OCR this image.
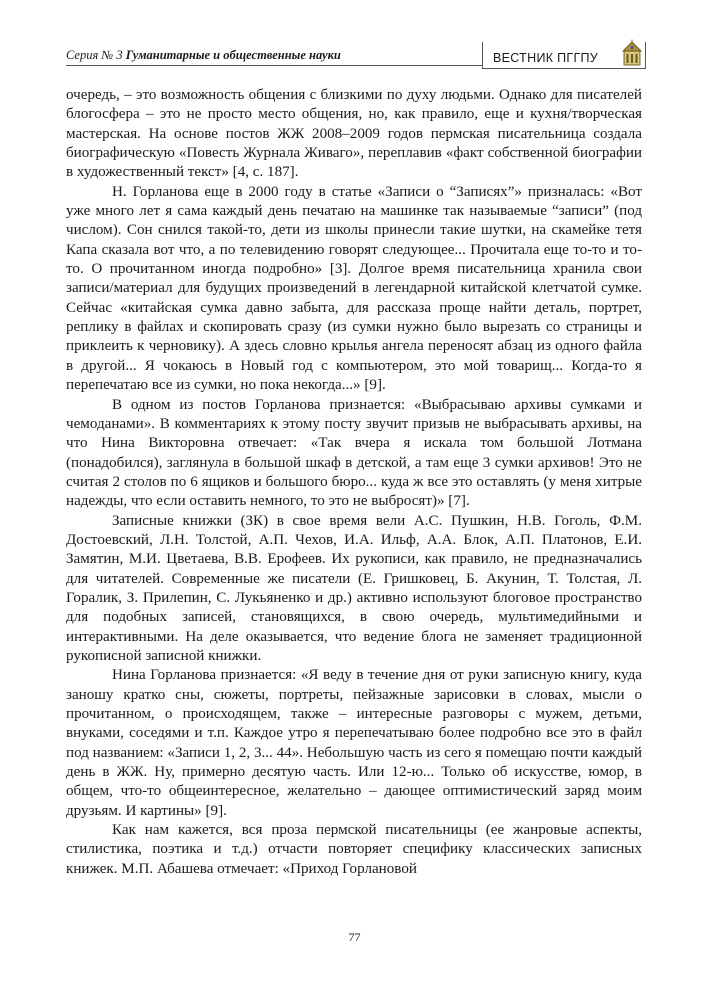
Серия № 3 Гуманитарные и общественные науки	ВЕСТНИК ПГГПУ

очередь, – это возможность общения с близкими по духу людьми. Однако для писателей блогосфера – это не просто место общения, но, как правило, еще и кухня/творческая мастерская. На основе постов ЖЖ 2008–2009 годов пермская писательница создала биографическую «Повесть Журнала Живаго», переплавив «факт собственной биографии в художественный текст» [4, с. 187].

Н. Горланова еще в 2000 году в статье «Записи о “Записях”» призналась: «Вот уже много лет я сама каждый день печатаю на машинке так называемые “записи” (под числом). Сон снился такой-то, дети из школы принесли такие шутки, на скамейке тетя Капа сказала вот что, а по телевидению говорят следующее... Прочитала еще то-то и то-то. О прочитанном иногда подробно» [3]. Долгое время писательница хранила свои записи/материал для будущих произведений в легендарной китайской клетчатой сумке. Сейчас «китайская сумка давно забыта, для рассказа проще найти деталь, портрет, реплику в файлах и скопировать сразу (из сумки нужно было вырезать со страницы и приклеить к черновику). А здесь словно крылья ангела переносят абзац из одного файла в другой... Я чокаюсь в Новый год с компьютером, это мой товарищ... Когда-то я перепечатаю все из сумки, но пока некогда...» [9].

В одном из постов Горланова признается: «Выбрасываю архивы сумками и чемоданами». В комментариях к этому посту звучит призыв не выбрасывать архивы, на что Нина Викторовна отвечает: «Так вчера я искала том большой Лотмана (понадобился), заглянула в большой шкаф в детской, а там еще 3 сумки архивов! Это не считая 2 столов по 6 ящиков и большого бюро... куда ж все это оставлять (у меня хитрые надежды, что если оставить немного, то это не выбросят)» [7].

Записные книжки (ЗК) в свое время вели А.С. Пушкин, Н.В. Гоголь, Ф.М. Достоевский, Л.Н. Толстой, А.П. Чехов, И.А. Ильф, А.А. Блок, А.П. Платонов, Е.И. Замятин, М.И. Цветаева, В.В. Ерофеев. Их рукописи, как правило, не предназначались для читателей. Современные же писатели (Е. Гришковец, Б. Акунин, Т. Толстая, Л. Горалик, З. Прилепин, С. Лукьяненко и др.) активно используют блоговое пространство для подобных записей, становящихся, в свою очередь, мультимедийными и интерактивными. На деле оказывается, что ведение блога не заменяет традиционной рукописной записной книжки.

Нина Горланова признается: «Я веду в течение дня от руки записную книгу, куда заношу кратко сны, сюжеты, портреты, пейзажные зарисовки в словах, мысли о прочитанном, о происходящем, также – интересные разговоры с мужем, детьми, внуками, соседями и т.п. Каждое утро я перепечатываю более подробно все это в файл под названием: «Записи 1, 2, 3... 44». Небольшую часть из сего я помещаю почти каждый день в ЖЖ. Ну, примерно десятую часть. Или 12-ю... Только об искусстве, юмор, в общем, что-то общеинтересное, желательно – дающее оптимистический заряд моим друзьям. И картины» [9].

Как нам кажется, вся проза пермской писательницы (ее жанровые аспекты, стилистика, поэтика и т.д.) отчасти повторяет специфику классических записных книжек. М.П. Абашева отмечает: «Приход Горлановой

77
